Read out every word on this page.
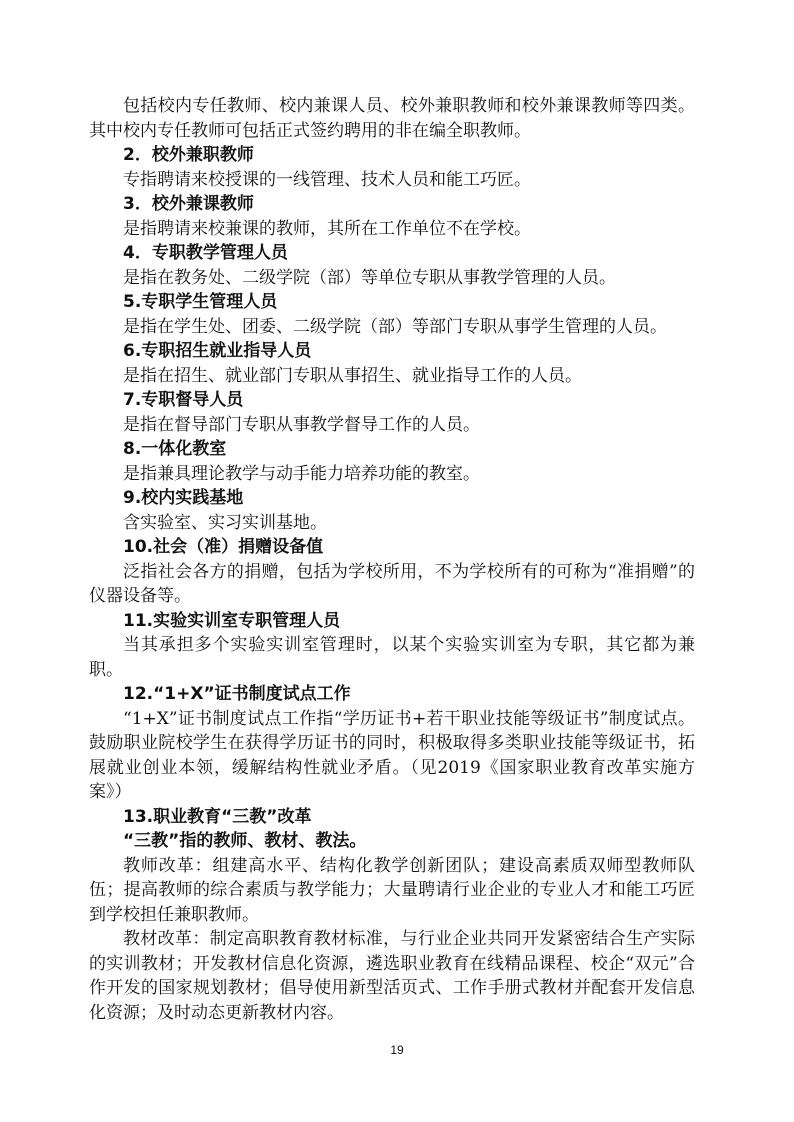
包括校内专任教师、校内兼课人员、校外兼职教师和校外兼课教师等四类。其中校内专任教师可包括正式签约聘用的非在编全职教师。
2．校外兼职教师
专指聘请来校授课的一线管理、技术人员和能工巧匠。
3．校外兼课教师
是指聘请来校兼课的教师，其所在工作单位不在学校。
4．专职教学管理人员
是指在教务处、二级学院（部）等单位专职从事教学管理的人员。
5.专职学生管理人员
是指在学生处、团委、二级学院（部）等部门专职从事学生管理的人员。
6.专职招生就业指导人员
是指在招生、就业部门专职从事招生、就业指导工作的人员。
7.专职督导人员
是指在督导部门专职从事教学督导工作的人员。
8.一体化教室
是指兼具理论教学与动手能力培养功能的教室。
9.校内实践基地
含实验室、实习实训基地。
10.社会（准）捐赠设备值
泛指社会各方的捐赠，包括为学校所用，不为学校所有的可称为“准捐赠”的仪器设备等。
11.实验实训室专职管理人员
当其承担多个实验实训室管理时，以某个实验实训室为专职，其它都为兼职。
12.“1+X”证书制度试点工作
“1+X”证书制度试点工作指“学历证书+若干职业技能等级证书”制度试点。鼓励职业院校学生在获得学历证书的同时，积极取得多类职业技能等级证书，拓展就业创业本领，缓解结构性就业矛盾。（见2019《国家职业教育改革实施方案》）
13.职业教育“三教”改革
“三教”指的教师、教材、教法。
教师改革：组建高水平、结构化教学创新团队；建设高素质双师型教师队伍；提高教师的综合素质与教学能力；大量聘请行业企业的专业人才和能工巧匠到学校担任兼职教师。
教材改革：制定高职教育教材标准，与行业企业共同开发紧密结合生产实际的实训教材；开发教材信息化资源，遴选职业教育在线精品课程、校企“双元”合作开发的国家规划教材；倡导使用新型活页式、工作手册式教材并配套开发信息化资源；及时动态更新教材内容。
19
